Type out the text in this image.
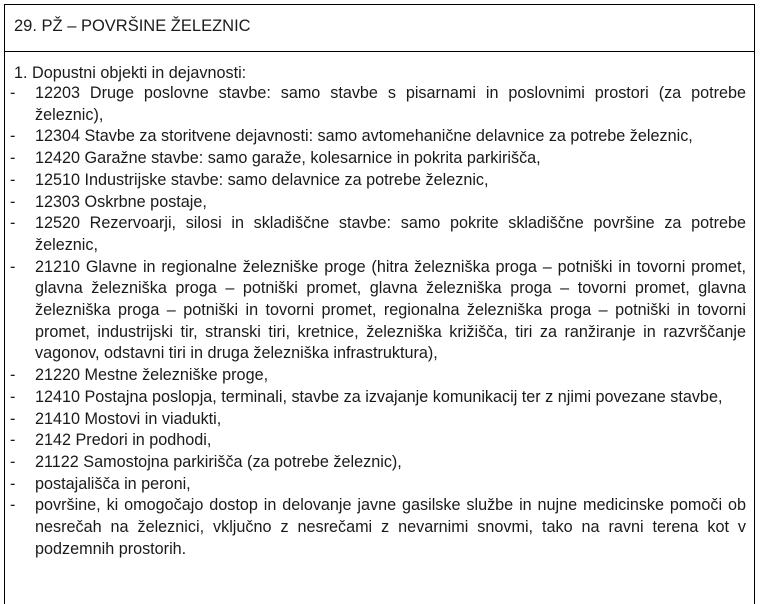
29. PŽ – POVRŠINE ŽELEZNIC
1. Dopustni objekti in dejavnosti:
- 12203 Druge poslovne stavbe: samo stavbe s pisarnami in poslovnimi prostori (za potrebe železnic),
- 12304 Stavbe za storitvene dejavnosti: samo avtomehanične delavnice za potrebe železnic,
- 12420 Garažne stavbe: samo garaže, kolesarnice in pokrita parkirišča,
- 12510 Industrijske stavbe: samo delavnice za potrebe železnic,
- 12303 Oskrbne postaje,
- 12520 Rezervoarji, silosi in skladiščne stavbe: samo pokrite skladiščne površine za potrebe železnic,
- 21210 Glavne in regionalne železniške proge (hitra železniška proga – potniški in tovorni promet, glavna železniška proga – potniški promet, glavna železniška proga – tovorni promet, glavna železniška proga – potniški in tovorni promet, regionalna železniška proga – potniški in tovorni promet, industrijski tir, stranski tiri, kretnice, železniška križišča, tiri za ranžiranje in razvrščanje vagonov, odstavni tiri in druga železniška infrastruktura),
- 21220 Mestne železniške proge,
- 12410 Postajna poslopja, terminali, stavbe za izvajanje komunikacij ter z njimi povezane stavbe,
- 21410 Mostovi in viadukti,
- 2142 Predori in podhodi,
- 21122 Samostojna parkirišča (za potrebe železnic),
- postajališča in peroni,
- površine, ki omogočajo dostop in delovanje javne gasilske službe in nujne medicinske pomoči ob nesrečah na železnici, vključno z nesrečami z nevarnimi snovmi, tako na ravni terena kot v podzemnih prostorih.
